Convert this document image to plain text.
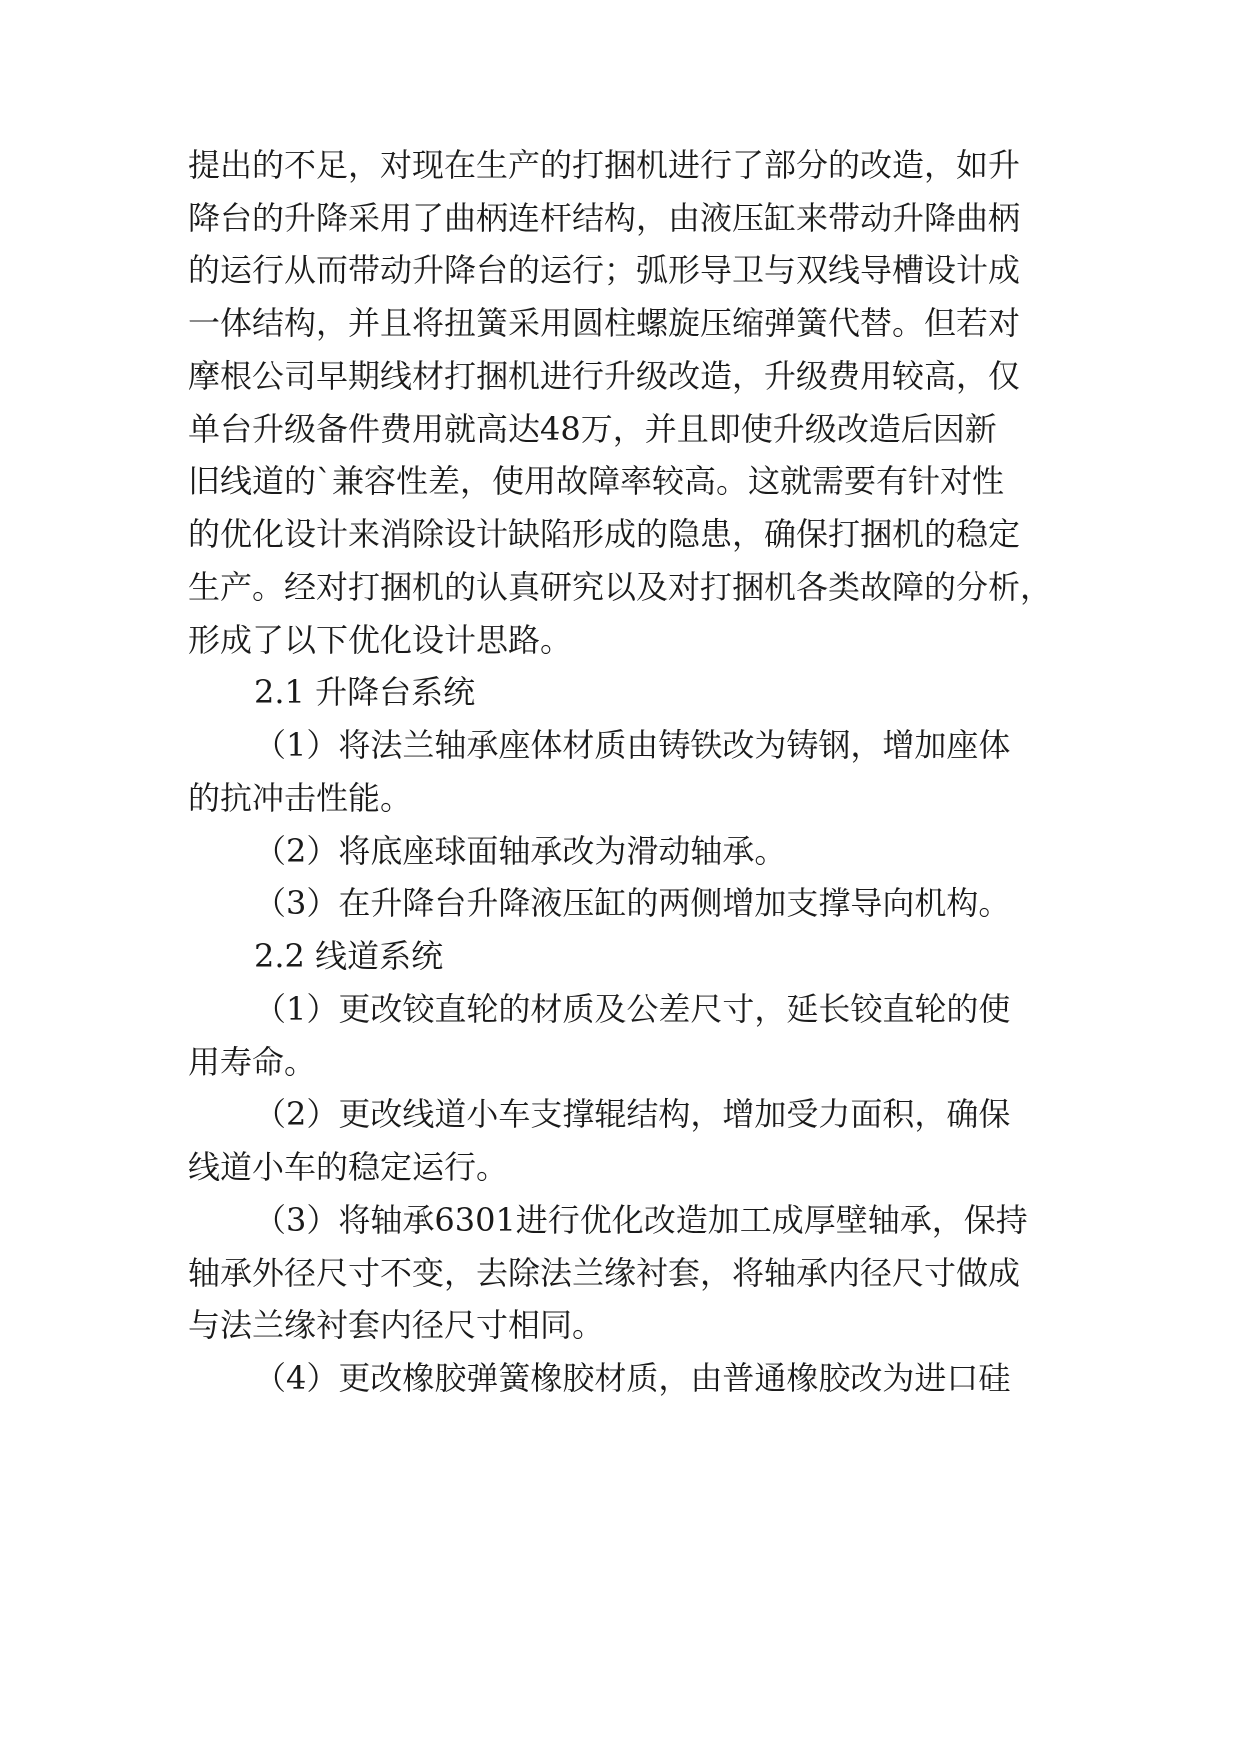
提出的不足，对现在生产的打捆机进行了部分的改造，如升
降台的升降采用了曲柄连杆结构，由液压缸来带动升降曲柄
的运行从而带动升降台的运行；弧形导卫与双线导槽设计成
一体结构，并且将扭簧采用圆柱螺旋压缩弹簧代替。但若对
摩根公司早期线材打捆机进行升级改造，升级费用较高，仅
单台升级备件费用就高达48万，并且即使升级改造后因新
旧线道的`兼容性差，使用故障率较高。这就需要有针对性
的优化设计来消除设计缺陷形成的隐患，确保打捆机的稳定
生产。经对打捆机的认真研究以及对打捆机各类故障的分析，
形成了以下优化设计思路。
2.1 升降台系统
（1）将法兰轴承座体材质由铸铁改为铸钢，增加座体
的抗冲击性能。
（2）将底座球面轴承改为滑动轴承。
（3）在升降台升降液压缸的两侧增加支撑导向机构。
2.2 线道系统
（1）更改铰直轮的材质及公差尺寸，延长铰直轮的使
用寿命。
（2）更改线道小车支撑辊结构，增加受力面积，确保
线道小车的稳定运行。
（3）将轴承6301进行优化改造加工成厚壁轴承，保持
轴承外径尺寸不变，去除法兰缘衬套，将轴承内径尺寸做成
与法兰缘衬套内径尺寸相同。
（4）更改橡胶弹簧橡胶材质，由普通橡胶改为进口硅
